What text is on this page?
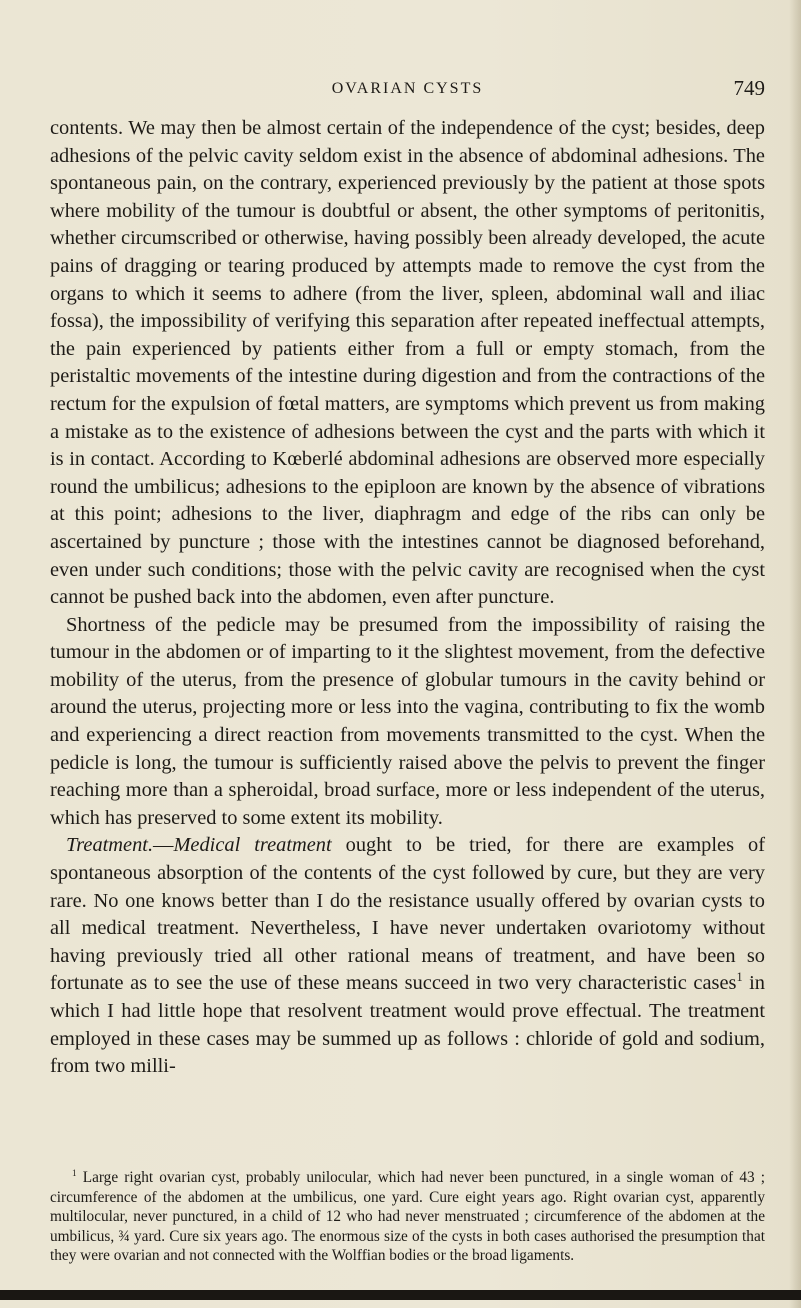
OVARIAN CYSTS	749

contents. We may then be almost certain of the independence of the cyst; besides, deep adhesions of the pelvic cavity seldom exist in the absence of abdominal adhesions. The spontaneous pain, on the contrary, experienced previously by the patient at those spots where mobility of the tumour is doubtful or absent, the other symptoms of peritonitis, whether circumscribed or otherwise, having possibly been already developed, the acute pains of dragging or tearing produced by attempts made to remove the cyst from the organs to which it seems to adhere (from the liver, spleen, abdominal wall and iliac fossa), the impossibility of verifying this separation after repeated ineffectual attempts, the pain experienced by patients either from a full or empty stomach, from the peristaltic movements of the intestine during digestion and from the contractions of the rectum for the expulsion of fœtal matters, are symptoms which prevent us from making a mistake as to the existence of adhesions between the cyst and the parts with which it is in contact. According to Kœberlé abdominal adhesions are observed more especially round the umbilicus; adhesions to the epiploon are known by the absence of vibrations at this point; adhesions to the liver, diaphragm and edge of the ribs can only be ascertained by puncture ; those with the intestines cannot be diagnosed beforehand, even under such conditions; those with the pelvic cavity are recognised when the cyst cannot be pushed back into the abdomen, even after puncture.

Shortness of the pedicle may be presumed from the impossibility of raising the tumour in the abdomen or of imparting to it the slightest movement, from the defective mobility of the uterus, from the presence of globular tumours in the cavity behind or around the uterus, projecting more or less into the vagina, contributing to fix the womb and experiencing a direct reaction from movements transmitted to the cyst. When the pedicle is long, the tumour is sufficiently raised above the pelvis to prevent the finger reaching more than a spheroidal, broad surface, more or less independent of the uterus, which has preserved to some extent its mobility.

Treatment.—Medical treatment ought to be tried, for there are examples of spontaneous absorption of the contents of the cyst followed by cure, but they are very rare. No one knows better than I do the resistance usually offered by ovarian cysts to all medical treatment. Nevertheless, I have never undertaken ovariotomy without having previously tried all other rational means of treatment, and have been so fortunate as to see the use of these means succeed in two very characteristic cases$^1$ in which I had little hope that resolvent treatment would prove effectual. The treatment employed in these cases may be summed up as follows : chloride of gold and sodium, from two milli-

$^1$ Large right ovarian cyst, probably unilocular, which had never been punctured, in a single woman of 43 ; circumference of the abdomen at the umbilicus, one yard. Cure eight years ago. Right ovarian cyst, apparently multilocular, never punctured, in a child of 12 who had never menstruated ; circumference of the abdomen at the umbilicus, ¾ yard. Cure six years ago. The enormous size of the cysts in both cases authorised the presumption that they were ovarian and not connected with the Wolffian bodies or the broad ligaments.
